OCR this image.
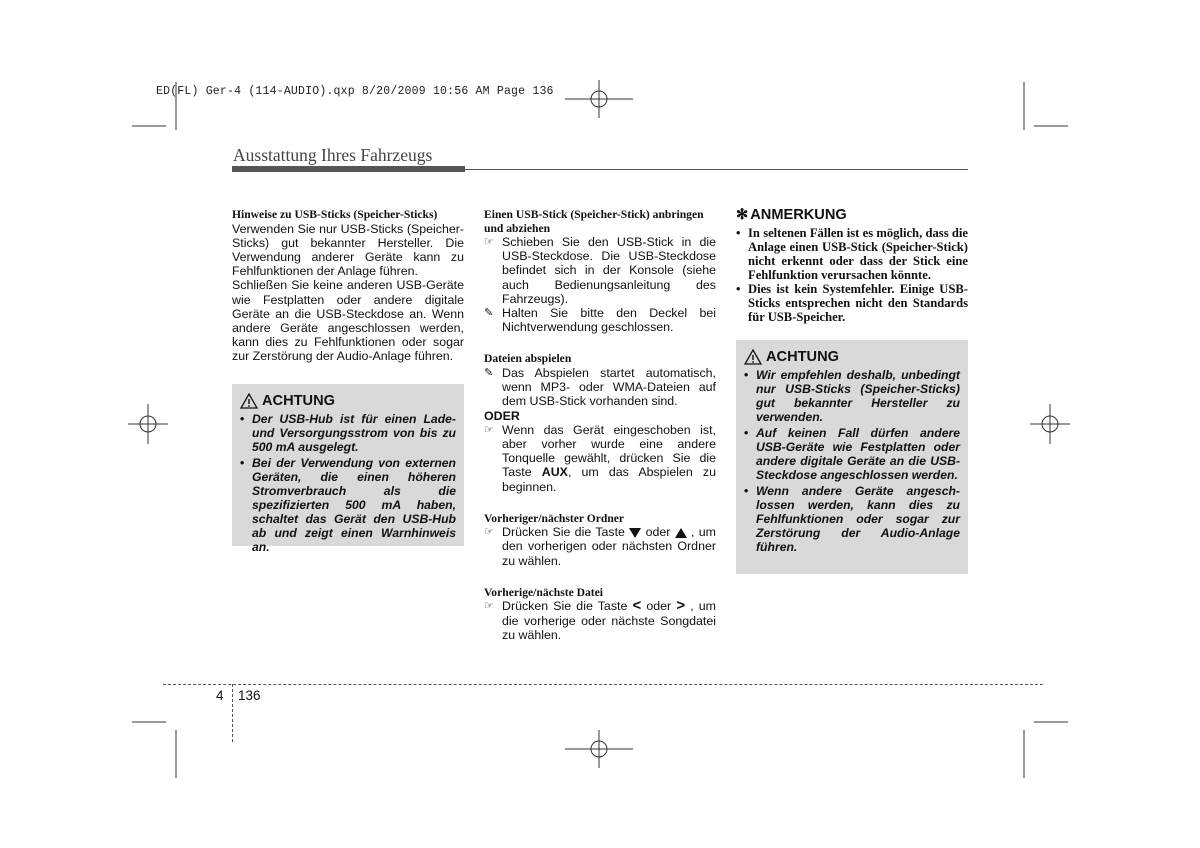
ED(FL) Ger-4 (114-AUDIO).qxp 8/20/2009 10:56 AM Page 136
Ausstattung Ihres Fahrzeugs

Hinweise zu USB-Sticks (Speicher-Sticks)

Verwenden Sie nur USB-Sticks (Speicher-Sticks) gut bekannter Hersteller. Die Verwendung anderer Geräte kann zu Fehlfunktionen der Anlage führen.

Schließen Sie keine anderen USB-Geräte wie Festplatten oder andere digitale Geräte an die USB-Steckdose an. Wenn andere Geräte angeschlossen werden, kann dies zu Fehlfunktionen oder sogar zur Zerstörung der Audio-Anlage führen.

ACHTUNG
• Der USB-Hub ist für einen Lade- und Versorgungsstrom von bis zu 500 mA ausgelegt.
• Bei der Verwendung von externen Geräten, die einen höheren Stromverbrauch als die spezifizierten 500 mA haben, schaltet das Gerät den USB-Hub ab und zeigt einen Warnhinweis an.

Einen USB-Stick (Speicher-Stick) anbringen und abziehen

☞ Schieben Sie den USB-Stick in die USB-Steckdose. Die USB-Steckdose befindet sich in der Konsole (siehe auch Bedienungsanleitung des Fahrzeugs).
✎ Halten Sie bitte den Deckel bei Nichtverwendung geschlossen.

Dateien abspielen

✎ Das Abspielen startet automatisch, wenn MP3- oder WMA-Dateien auf dem USB-Stick vorhanden sind.

ODER

☞ Wenn das Gerät eingeschoben ist, aber vorher wurde eine andere Tonquelle gewählt, drücken Sie die Taste AUX, um das Abspielen zu beginnen.

Vorheriger/nächster Ordner

☞ Drücken Sie die Taste  oder  , um den vorherigen oder nächsten Ordner zu wählen.

Vorherige/nächste Datei

☞ Drücken Sie die Taste < oder > , um die vorherige oder nächste Songdatei zu wählen.
✻ ANMERKUNG
• In seltenen Fällen ist es möglich, dass die Anlage einen USB-Stick (Speicher-Stick) nicht erkennt oder dass der Stick eine Fehlfunktion verursachen könnte.
• Dies ist kein Systemfehler. Einige USB-Sticks entsprechen nicht den Standards für USB-Speicher.
ACHTUNG
• Wir empfehlen deshalb, unbedingt nur USB-Sticks (Speicher-Sticks) gut bekannter Hersteller zu verwenden.
• Auf keinen Fall dürfen andere USB-Geräte wie Festplatten oder andere digitale Geräte an die USB-Steckdose angeschlossen werden.
• Wenn andere Geräte angesch-lossen werden, kann dies zu Fehlfunktionen oder sogar zur Zerstörung der Audio-Anlage führen.
4 136
